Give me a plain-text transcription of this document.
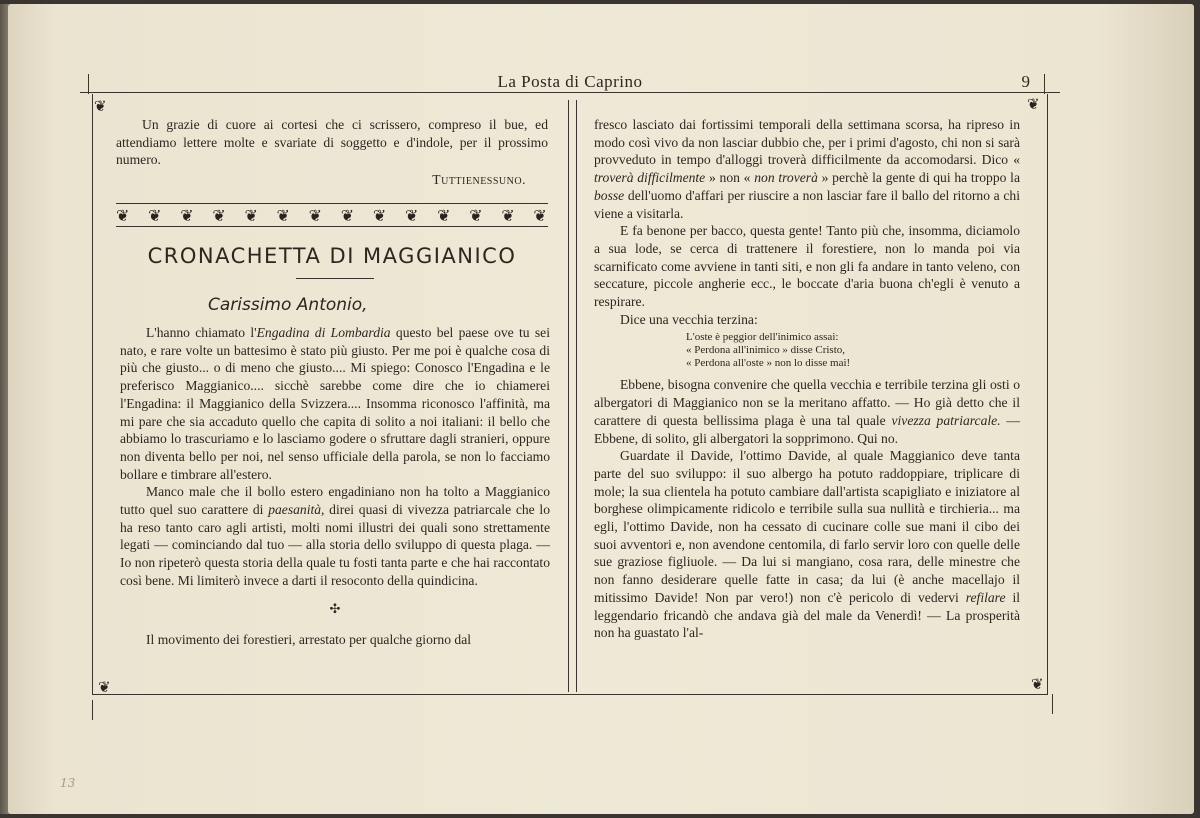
La Posta di Caprino	9
❦	❦
❦	❦

Un grazie di cuore ai cortesi che ci scrissero, compreso il bue, ed attendiamo lettere molte e svariate di soggetto e d'indole, per il prossimo numero.

Tuttienessuno.

❦ ❦ ❦ ❦ ❦ ❦ ❦ ❦ ❦ ❦ ❦ ❦ ❦ ❦
CRONACHETTA DI MAGGIANICO
Carissimo Antonio,

L'hanno chiamato l'Engadina di Lombardia questo bel paese ove tu sei nato, e rare volte un battesimo è stato più giusto. Per me poi è qualche cosa di più che giusto... o di meno che giusto.... Mi spiego: Conosco l'Engadina e le preferisco Maggianico.... sicchè sarebbe come dire che io chiamerei l'Engadina: il Maggianico della Svizzera.... Insomma riconosco l'affinità, ma mi pare che sia accaduto quello che capita di solito a noi italiani: il bello che abbiamo lo trascuriamo e lo lasciamo godere o sfruttare dagli stranieri, oppure non diventa bello per noi, nel senso ufficiale della parola, se non lo facciamo bollare e timbrare all'estero.

Manco male che il bollo estero engadiniano non ha tolto a Maggianico tutto quel suo carattere di paesanità, direi quasi di vivezza patriarcale che lo ha reso tanto caro agli artisti, molti nomi illustri dei quali sono strettamente legati — cominciando dal tuo — alla storia dello sviluppo di questa plaga. — Io non ripeterò questa storia della quale tu fosti tanta parte e che hai raccontato così bene. Mi limiterò invece a darti il resoconto della quindicina.

✣

Il movimento dei forestieri, arrestato per qualche giorno dal

fresco lasciato dai fortissimi temporali della settimana scorsa, ha ripreso in modo così vivo da non lasciar dubbio che, per i primi d'agosto, chi non si sarà provveduto in tempo d'alloggi troverà difficilmente da accomodarsi. Dico « troverà difficilmente » non « non troverà » perchè la gente di qui ha troppo la bosse dell'uomo d'affari per riuscire a non lasciar fare il ballo del ritorno a chi viene a visitarla.

E fa benone per bacco, questa gente! Tanto più che, insomma, diciamolo a sua lode, se cerca di trattenere il forestiere, non lo manda poi via scarnificato come avviene in tanti siti, e non gli fa andare in tanto veleno, con seccature, piccole angherie ecc., le boccate d'aria buona ch'egli è venuto a respirare.

Dice una vecchia terzina:

L'oste è peggior dell'inimico assai:
« Perdona all'inimico » disse Cristo,
« Perdona all'oste » non lo disse mai!

Ebbene, bisogna convenire che quella vecchia e terribile terzina gli osti o albergatori di Maggianico non se la meritano affatto. — Ho già detto che il carattere di questa bellissima plaga è una tal quale vivezza patriarcale. — Ebbene, di solito, gli albergatori la sopprimono. Qui no.

Guardate il Davide, l'ottimo Davide, al quale Maggianico deve tanta parte del suo sviluppo: il suo albergo ha potuto raddoppiare, triplicare di mole; la sua clientela ha potuto cambiare dall'artista scapigliato e iniziatore al borghese olimpicamente ridicolo e terribile sulla sua nullità e tirchieria... ma egli, l'ottimo Davide, non ha cessato di cucinare colle sue mani il cibo dei suoi avventori e, non avendone centomila, di farlo servir loro con quelle delle sue graziose figliuole. — Da lui si mangiano, cosa rara, delle minestre che non fanno desiderare quelle fatte in casa; da lui (è anche macellajo il mitissimo Davide! Non par vero!) non c'è pericolo di vedervi refilare il leggendario fricandò che andava già del male da Venerdì! — La prosperità non ha guastato l'al-

13
